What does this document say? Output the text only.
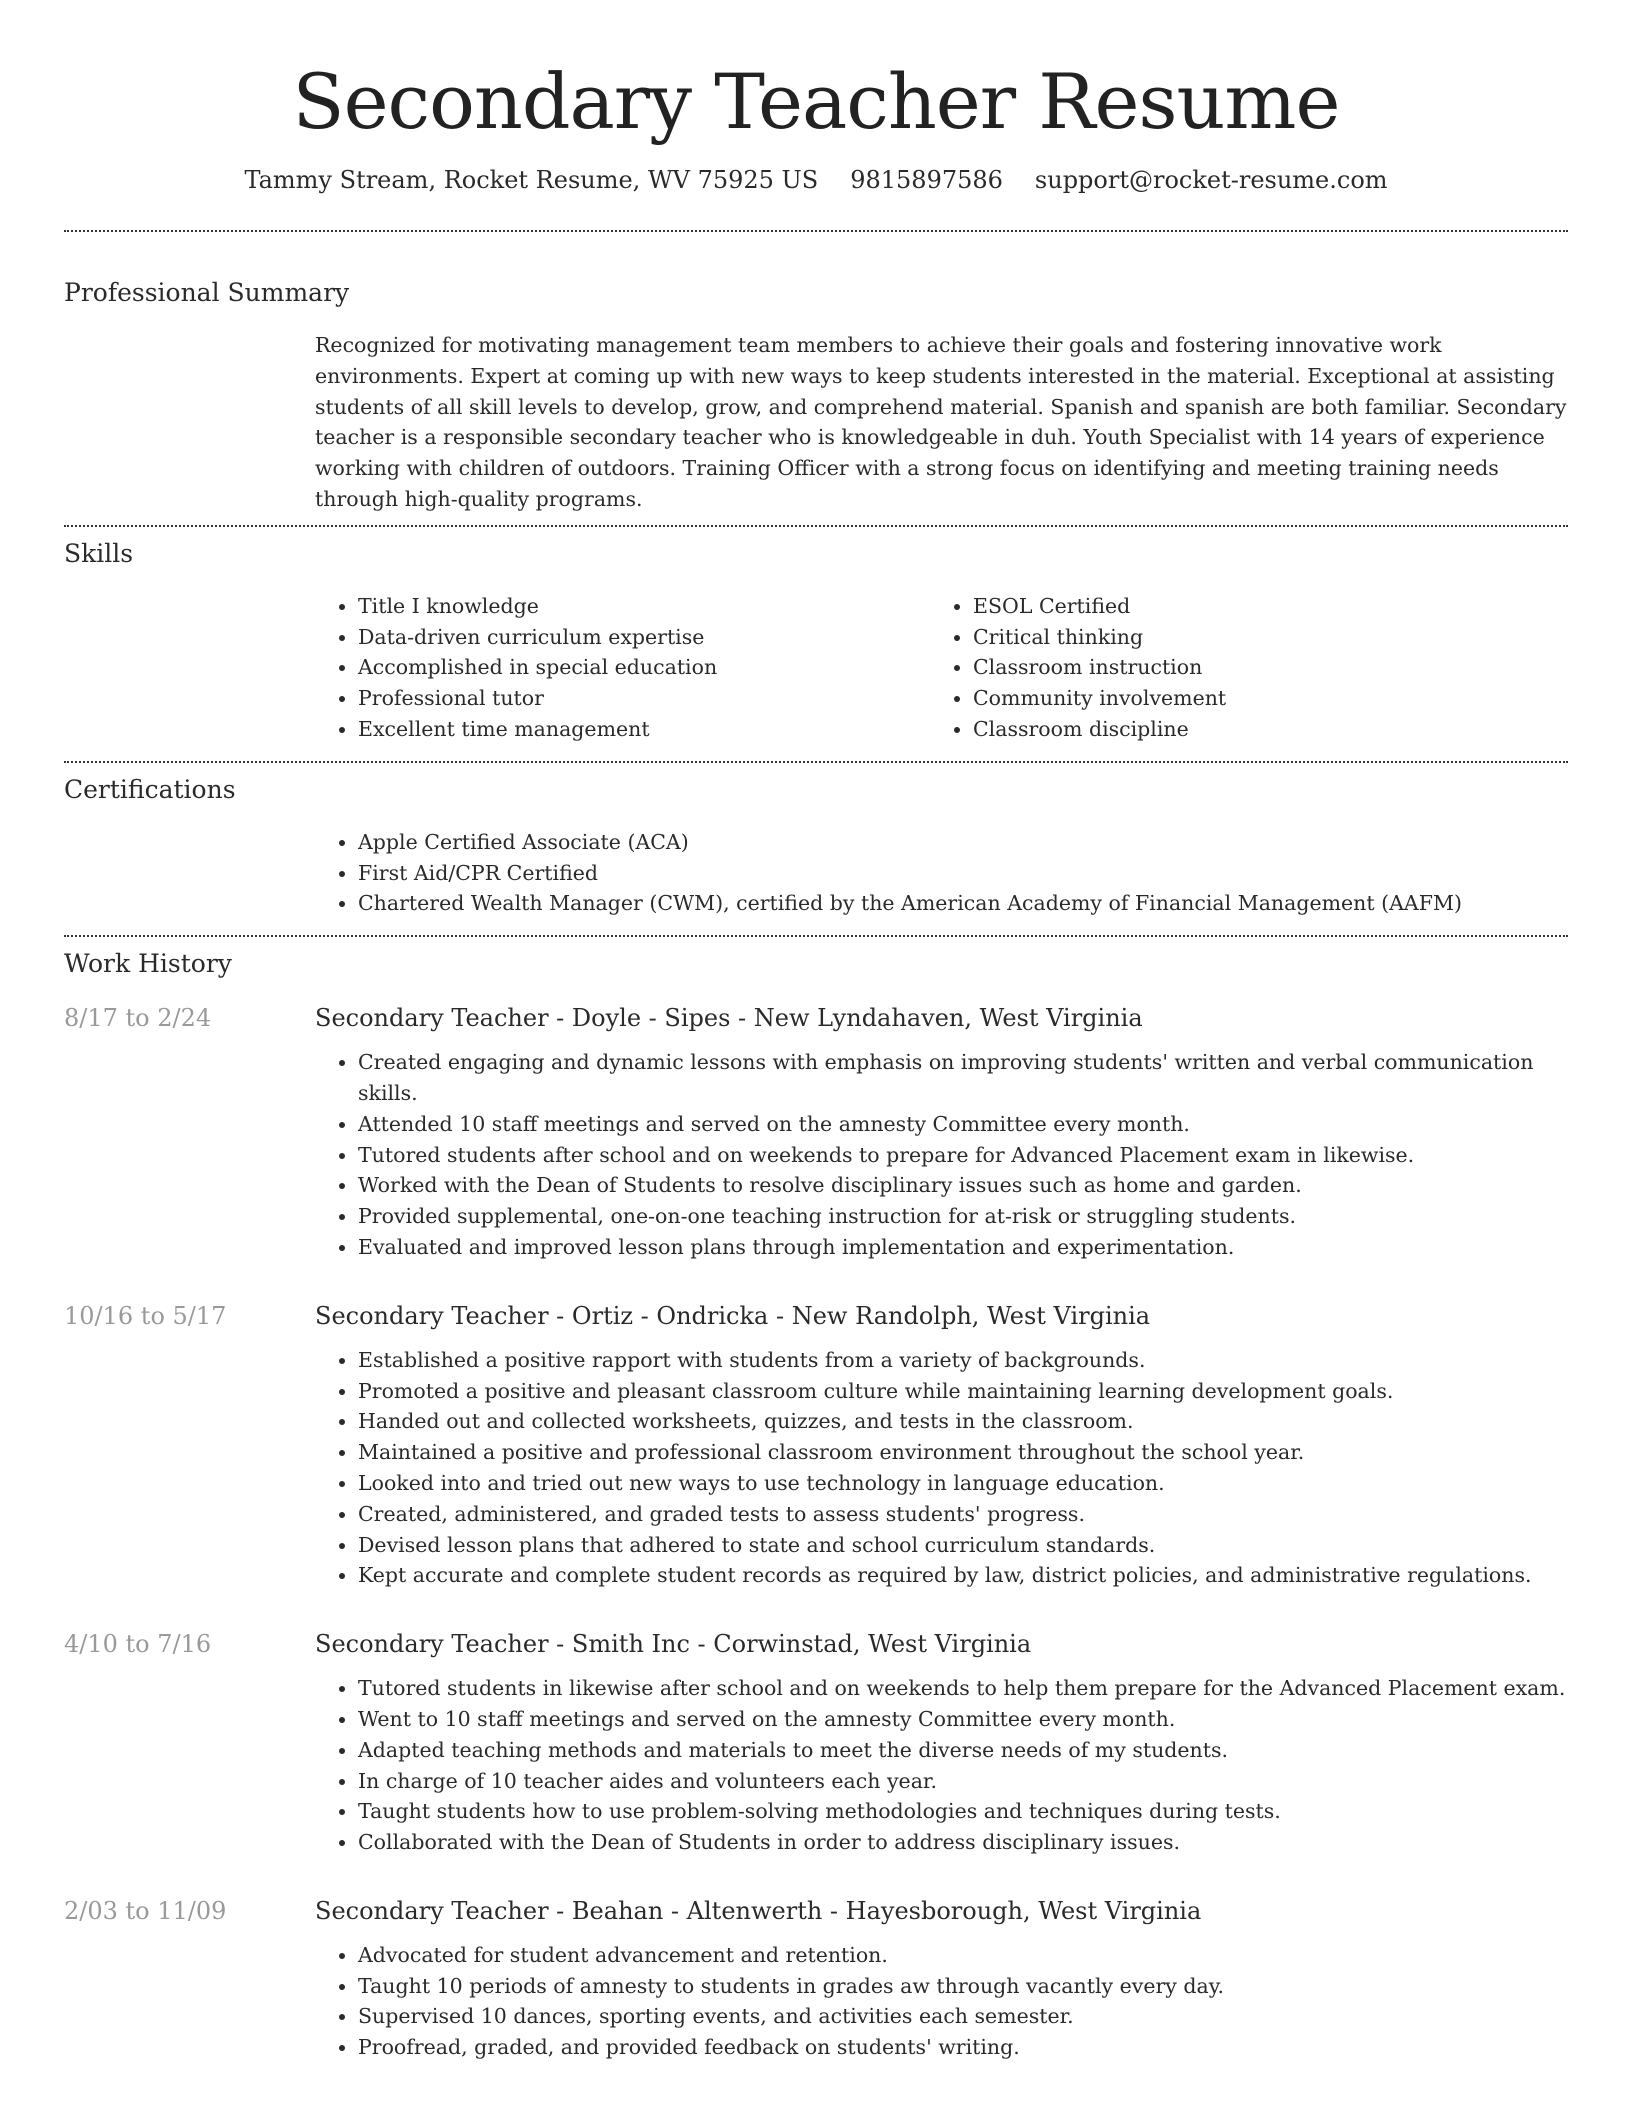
Secondary Teacher Resume
Tammy Stream, Rocket Resume, WV 75925 US 9815897586 support@rocket-resume.com
Professional Summary

Recognized for motivating management team members to achieve their goals and fostering innovative work environments. Expert at coming up with new ways to keep students interested in the material. Exceptional at assisting students of all skill levels to develop, grow, and comprehend material. Spanish and spanish are both familiar. Secondary teacher is a responsible secondary teacher who is knowledgeable in duh. Youth Specialist with 14 years of experience working with children of outdoors. Training Officer with a strong focus on identifying and meeting training needs through high-quality programs.

Skills
• Title I knowledge
• Data-driven curriculum expertise
• Accomplished in special education
• Professional tutor
• Excellent time management
• ESOL Certified
• Critical thinking
• Classroom instruction
• Community involvement
• Classroom discipline
Certifications
• Apple Certified Associate (ACA)
• First Aid/CPR Certified
• Chartered Wealth Manager (CWM), certified by the American Academy of Financial Management (AAFM)
Work History
8/17 to 2/24	Secondary Teacher - Doyle - Sipes - New Lyndahaven, West Virginia
• Created engaging and dynamic lessons with emphasis on improving students' written and verbal communication skills.
• Attended 10 staff meetings and served on the amnesty Committee every month.
• Tutored students after school and on weekends to prepare for Advanced Placement exam in likewise.
• Worked with the Dean of Students to resolve disciplinary issues such as home and garden.
• Provided supplemental, one-on-one teaching instruction for at-risk or struggling students.
• Evaluated and improved lesson plans through implementation and experimentation.
10/16 to 5/17	Secondary Teacher - Ortiz - Ondricka - New Randolph, West Virginia
• Established a positive rapport with students from a variety of backgrounds.
• Promoted a positive and pleasant classroom culture while maintaining learning development goals.
• Handed out and collected worksheets, quizzes, and tests in the classroom.
• Maintained a positive and professional classroom environment throughout the school year.
• Looked into and tried out new ways to use technology in language education.
• Created, administered, and graded tests to assess students' progress.
• Devised lesson plans that adhered to state and school curriculum standards.
• Kept accurate and complete student records as required by law, district policies, and administrative regulations.
4/10 to 7/16	Secondary Teacher - Smith Inc - Corwinstad, West Virginia
• Tutored students in likewise after school and on weekends to help them prepare for the Advanced Placement exam.
• Went to 10 staff meetings and served on the amnesty Committee every month.
• Adapted teaching methods and materials to meet the diverse needs of my students.
• In charge of 10 teacher aides and volunteers each year.
• Taught students how to use problem-solving methodologies and techniques during tests.
• Collaborated with the Dean of Students in order to address disciplinary issues.
2/03 to 11/09	Secondary Teacher - Beahan - Altenwerth - Hayesborough, West Virginia
• Advocated for student advancement and retention.
• Taught 10 periods of amnesty to students in grades aw through vacantly every day.
• Supervised 10 dances, sporting events, and activities each semester.
• Proofread, graded, and provided feedback on students' writing.
